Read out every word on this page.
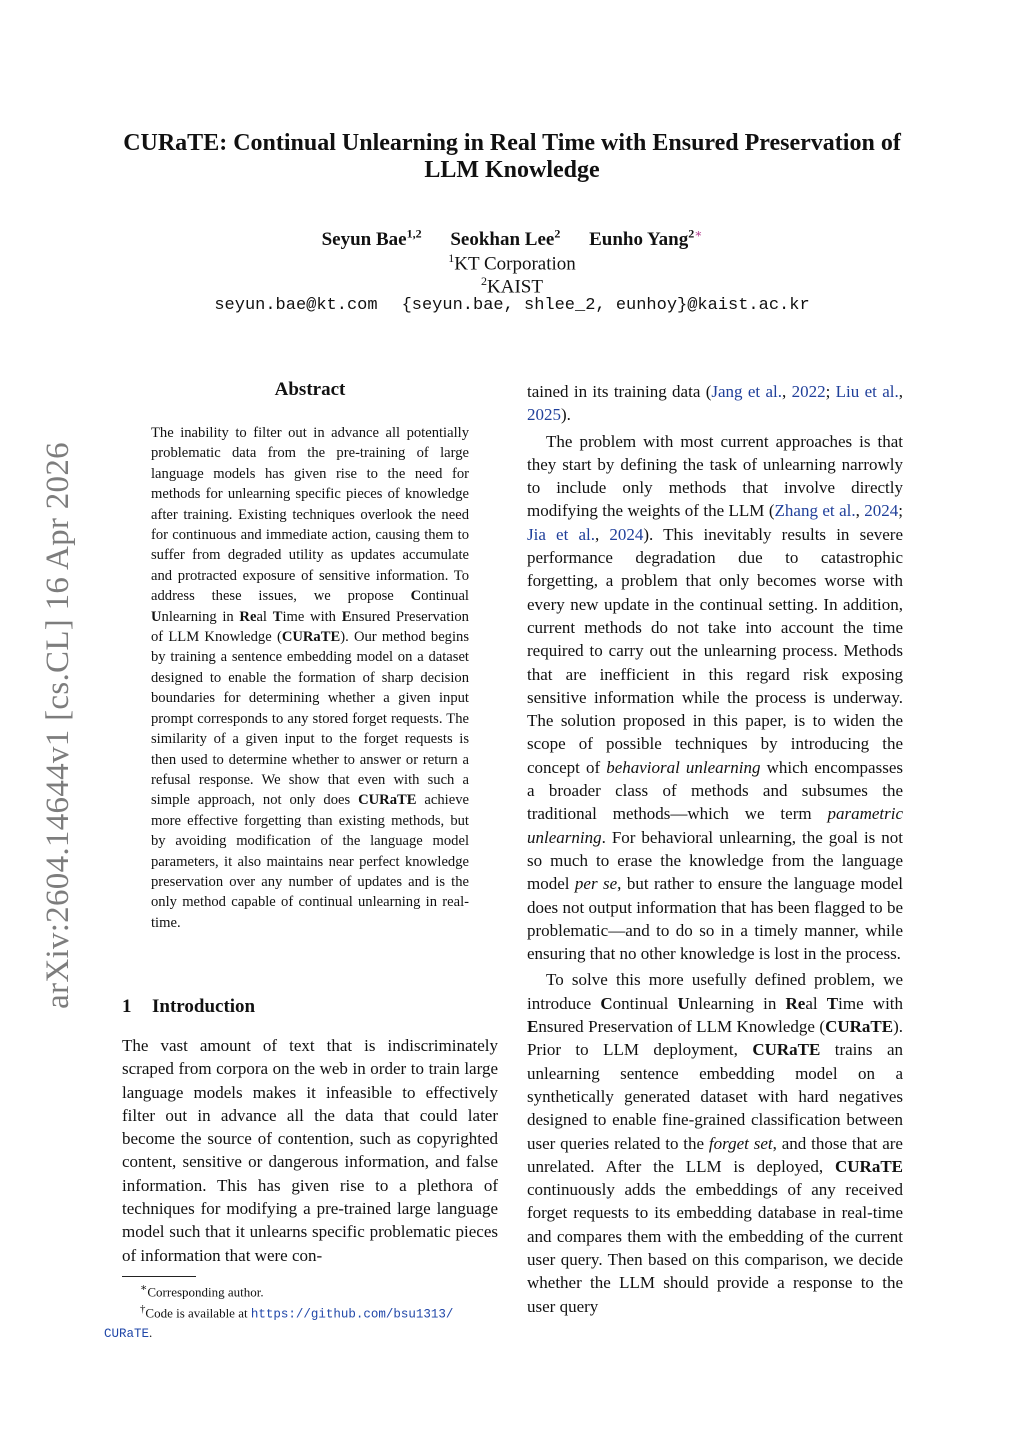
arXiv:2604.14644v1 [cs.CL] 16 Apr 2026
CURaTE: Continual Unlearning in Real Time with Ensured Preservation of LLM Knowledge
Seyun Bae$^{1,2}$ Seokhan Lee$^2$ Eunho Yang$^{2∗}$
$^1$KT Corporation
$^2$KAIST
seyun.bae@kt.com {seyun.bae, shlee_2, eunhoy}@kaist.ac.kr
Abstract
The inability to filter out in advance all potentially problematic data from the pre-training of large language models has given rise to the need for methods for unlearning specific pieces of knowledge after training. Existing techniques overlook the need for continuous and immediate action, causing them to suffer from degraded utility as updates accumulate and protracted exposure of sensitive information. To address these issues, we propose Continual Unlearning in Real Time with Ensured Preservation of LLM Knowledge (CURaTE). Our method begins by training a sentence embedding model on a dataset designed to enable the formation of sharp decision boundaries for determining whether a given input prompt corresponds to any stored forget requests. The similarity of a given input to the forget requests is then used to determine whether to answer or return a refusal response. We show that even with such a simple approach, not only does CURaTE achieve more effective forgetting than existing methods, but by avoiding modification of the language model parameters, it also maintains near perfect knowledge preservation over any number of updates and is the only method capable of continual unlearning in real-time.
1 Introduction
The vast amount of text that is indiscriminately scraped from corpora on the web in order to train large language models makes it infeasible to effectively filter out in advance all the data that could later become the source of contention, such as copyrighted content, sensitive or dangerous information, and false information. This has given rise to a plethora of techniques for modifying a pre-trained large language model such that it unlearns specific problematic pieces of information that were con-

∗Corresponding author.

†Code is available at https://github.com/bsu1313/
CURaTE.

tained in its training data (Jang et al., 2022; Liu et al., 2025).

The problem with most current approaches is that they start by defining the task of unlearning narrowly to include only methods that involve directly modifying the weights of the LLM (Zhang et al., 2024; Jia et al., 2024). This inevitably results in severe performance degradation due to catastrophic forgetting, a problem that only becomes worse with every new update in the continual setting. In addition, current methods do not take into account the time required to carry out the unlearning process. Methods that are inefficient in this regard risk exposing sensitive information while the process is underway. The solution proposed in this paper, is to widen the scope of possible techniques by introducing the concept of behavioral unlearning which encompasses a broader class of methods and subsumes the traditional methods—which we term parametric unlearning. For behavioral unlearning, the goal is not so much to erase the knowledge from the language model per se, but rather to ensure the language model does not output information that has been flagged to be problematic—and to do so in a timely manner, while ensuring that no other knowledge is lost in the process.

To solve this more usefully defined problem, we introduce Continual Unlearning in Real Time with Ensured Preservation of LLM Knowledge (CURaTE). Prior to LLM deployment, CURaTE trains an unlearning sentence embedding model on a synthetically generated dataset with hard negatives designed to enable fine-grained classification between user queries related to the forget set, and those that are unrelated. After the LLM is deployed, CURaTE continuously adds the embeddings of any received forget requests to its embedding database in real-time and compares them with the embedding of the current user query. Then based on this comparison, we decide whether the LLM should provide a response to the user query
